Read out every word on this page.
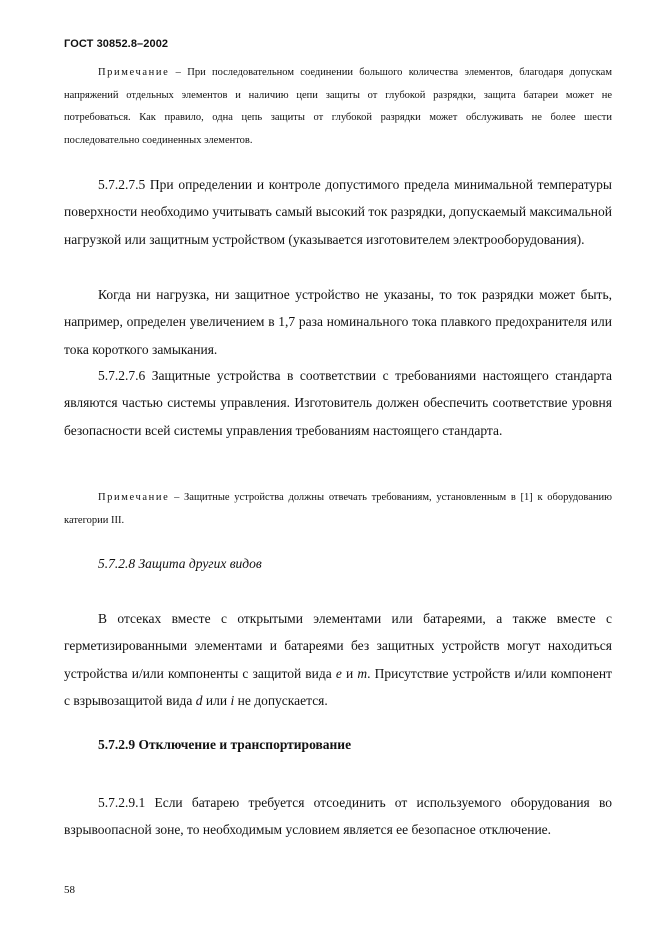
ГОСТ 30852.8–2002
Примечание – При последовательном соединении большого количества элементов, благодаря допускам напряжений отдельных элементов и наличию цепи защиты от глубокой разрядки, защита батареи может не потребоваться. Как правило, одна цепь защиты от глубокой разрядки может обслуживать не более шести последовательно соединенных элементов.

5.7.2.7.5 При определении и контроле допустимого предела минимальной температуры поверхности необходимо учитывать самый высокий ток разрядки, допускаемый максимальной нагрузкой или защитным устройством (указывается изготовителем электрооборудования).

Когда ни нагрузка, ни защитное устройство не указаны, то ток разрядки может быть, например, определен увеличением в 1,7 раза номинального тока плавкого предохранителя или тока короткого замыкания.

5.7.2.7.6 Защитные устройства в соответствии с требованиями настоящего стандарта являются частью системы управления. Изготовитель должен обеспечить соответствие уровня безопасности всей системы управления требованиям настоящего стандарта.

Примечание – Защитные устройства должны отвечать требованиям, установленным в [1] к оборудованию категории III.

5.7.2.8 Защита других видов

В отсеках вместе с открытыми элементами или батареями, а также вместе с герметизированными элементами и батареями без защитных устройств могут находиться устройства и/или компоненты с защитой вида e и m. Присутствие устройств и/или компонент с взрывозащитой вида d или i не допускается.

5.7.2.9 Отключение и транспортирование

5.7.2.9.1 Если батарею требуется отсоединить от используемого оборудования во взрывоопасной зоне, то необходимым условием является ее безопасное отключение.

58
